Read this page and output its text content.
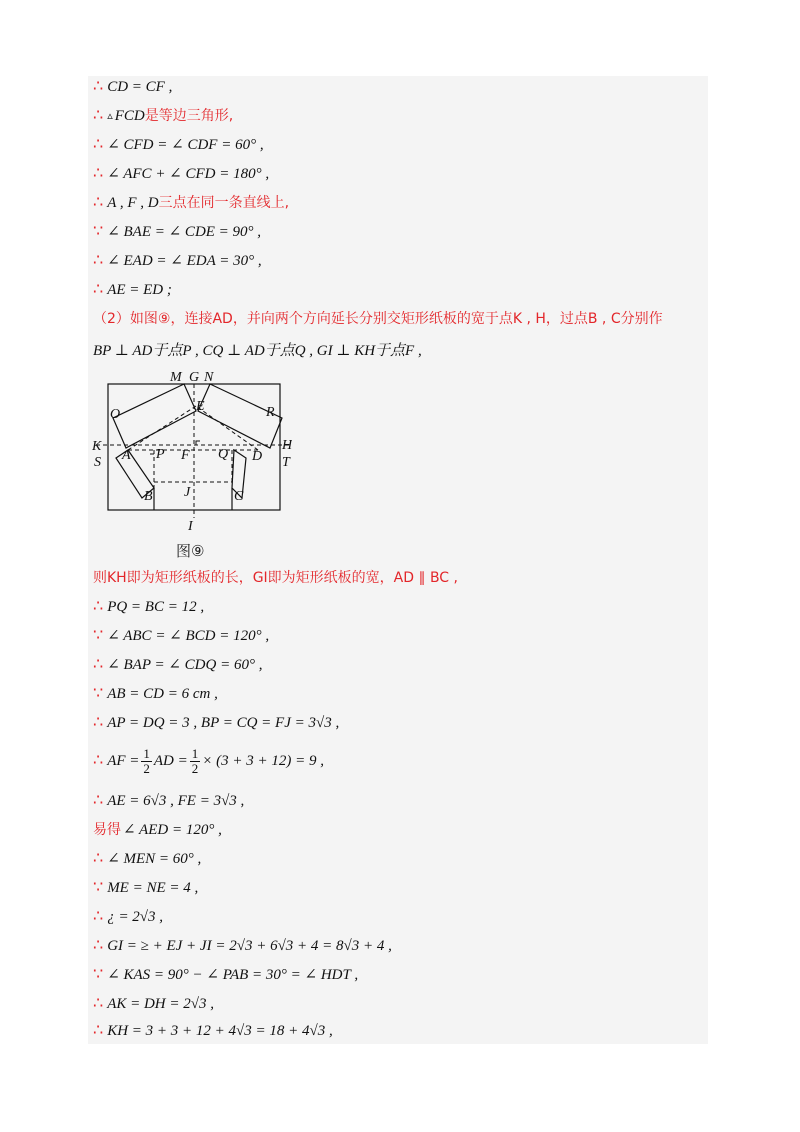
∴ CD = CF ,
∴ ▵ FCD 是等边三角形,
∴ ∠ CFD = ∠ CDF = 60° ,
∴ ∠ AFC + ∠ CFD = 180° ,
∴ A , F , D 三点在同一条直线上,
∵ ∠ BAE = ∠ CDE = 90° ,
∴ ∠ EAD = ∠ EDA = 30° ,
∴ AE = ED ;
（2）如图⑨，连接AD，并向两个方向延长分别交矩形纸板的宽于点K , H，过点B , C分别作
BP ⊥ AD于点P , CQ ⊥ AD于点Q , GI ⊥ KH于点F ,
M G N
E
O	R
K	H
S	T
A P F Q D
B J	C
I
图⑨
则KH即为矩形纸板的长，GI即为矩形纸板的宽，AD ∥ BC ,
∴ PQ = BC = 12 ,
∵ ∠ ABC = ∠ BCD = 120° ,
∴ ∠ BAP = ∠ CDQ = 60° ,
∵ AB = CD = 6 cm ,
∴ AP = DQ = 3 , BP = CQ = FJ = 3√3 ,
∴ AF = $\frac{1}{2}$ AD = $\frac{1}{2} \times (3 + 3 + 12) = 9$ ,
∴ AE = 6√3 , FE = 3√3 ,
易得 ∠ AED = 120° ,
∴ ∠ MEN = 60° ,
∵ ME = NE = 4 ,
∴ ¿ = 2√3 ,
∴ GI = ≥ + EJ + JI = 2√3 + 6√3 + 4 = 8√3 + 4 ,
∵ ∠ KAS = 90° − ∠ PAB = 30° = ∠ HDT ,
∴ AK = DH = 2√3 ,
∴ KH = 3 + 3 + 12 + 4√3 = 18 + 4√3 ,
